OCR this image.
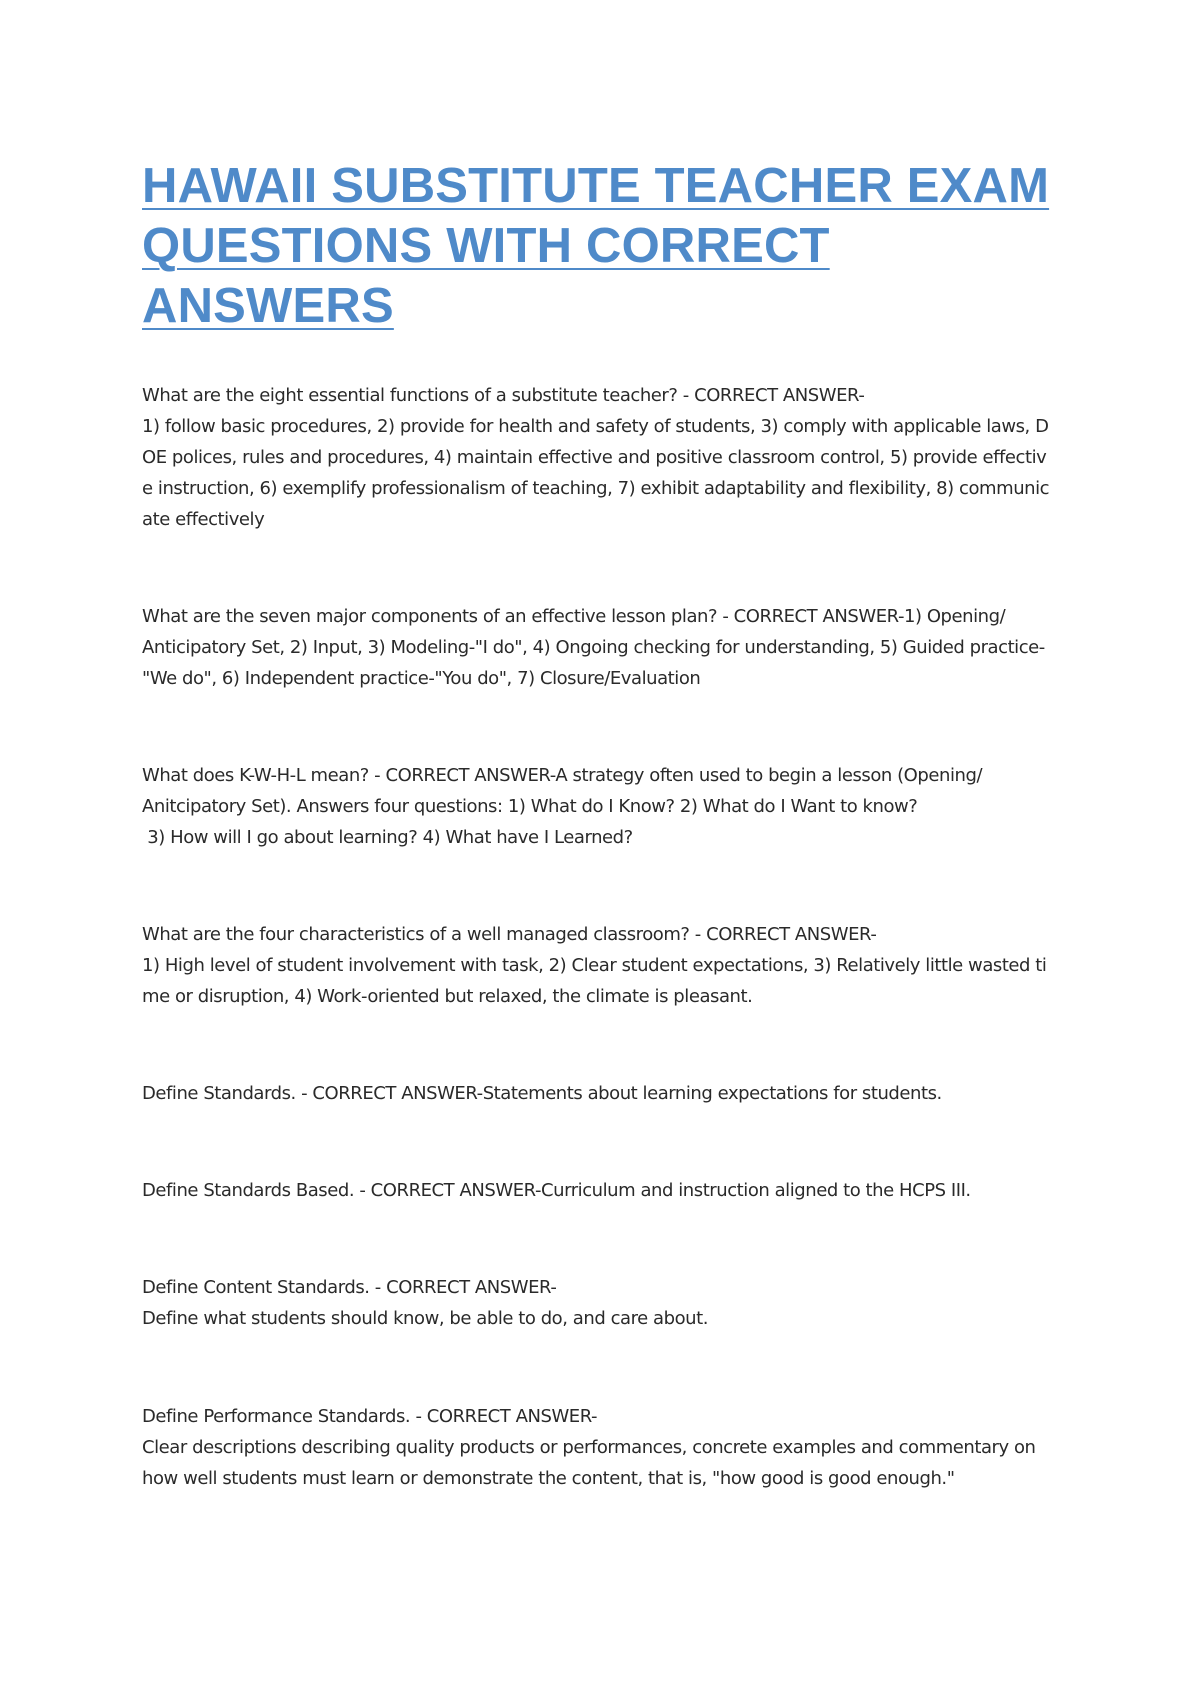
HAWAII SUBSTITUTE TEACHER EXAM
QUESTIONS WITH CORRECT
ANSWERS

What are the eight essential functions of a substitute teacher? - CORRECT ANSWER-
1) follow basic procedures, 2) provide for health and safety of students, 3) comply with applicable laws, D
OE polices, rules and procedures, 4) maintain effective and positive classroom control, 5) provide effectiv
e instruction, 6) exemplify professionalism of teaching, 7) exhibit adaptability and flexibility, 8) communic
ate effectively

What are the seven major components of an effective lesson plan? - CORRECT ANSWER-1) Opening/
Anticipatory Set, 2) Input, 3) Modeling-"I do", 4) Ongoing checking for understanding, 5) Guided practice-
"We do", 6) Independent practice-"You do", 7) Closure/Evaluation

What does K-W-H-L mean? - CORRECT ANSWER-A strategy often used to begin a lesson (Opening/
Anitcipatory Set). Answers four questions: 1) What do I Know? 2) What do I Want to know?
3) How will I go about learning? 4) What have I Learned?

What are the four characteristics of a well managed classroom? - CORRECT ANSWER-
1) High level of student involvement with task, 2) Clear student expectations, 3) Relatively little wasted ti
me or disruption, 4) Work-oriented but relaxed, the climate is pleasant.

Define Standards. - CORRECT ANSWER-Statements about learning expectations for students.

Define Standards Based. - CORRECT ANSWER-Curriculum and instruction aligned to the HCPS III.

Define Content Standards. - CORRECT ANSWER-
Define what students should know, be able to do, and care about.

Define Performance Standards. - CORRECT ANSWER-
Clear descriptions describing quality products or performances, concrete examples and commentary on
how well students must learn or demonstrate the content, that is, "how good is good enough."
